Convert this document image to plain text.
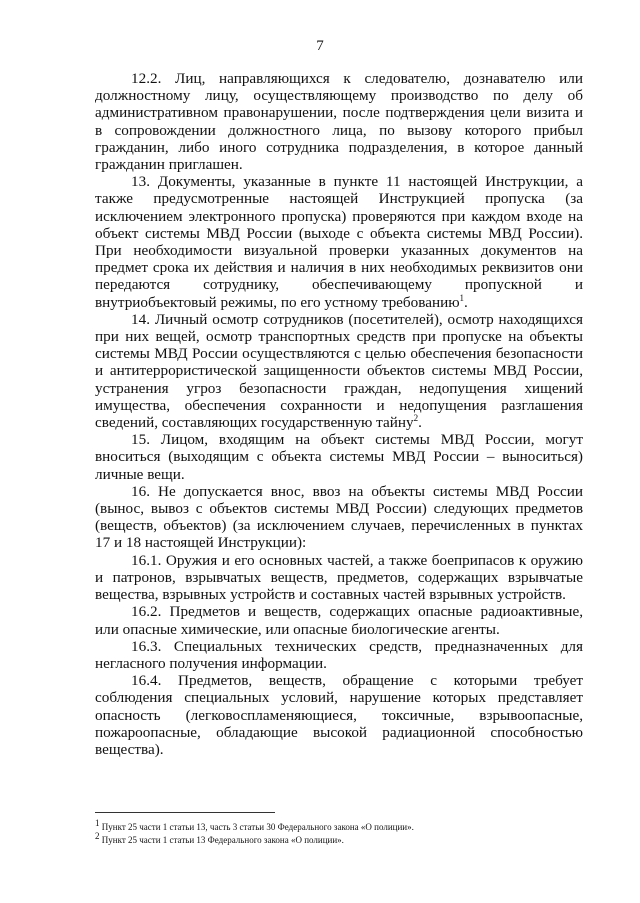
7

12.2. Лиц, направляющихся к следователю, дознавателю или должностному лицу, осуществляющему производство по делу об административном правонарушении, после подтверждения цели визита и в сопровождении должностного лица, по вызову которого прибыл гражданин, либо иного сотрудника подразделения, в которое данный гражданин приглашен.

13. Документы, указанные в пункте 11 настоящей Инструкции, а также предусмотренные настоящей Инструкцией пропуска (за исключением электронного пропуска) проверяются при каждом входе на объект системы МВД России (выходе с объекта системы МВД России). При необходимости визуальной проверки указанных документов на предмет срока их действия и наличия в них необходимых реквизитов они передаются сотруднику, обеспечивающему пропускной и внутриобъектовый режимы, по его устному требованию$^1$.

14. Личный осмотр сотрудников (посетителей), осмотр находящихся при них вещей, осмотр транспортных средств при пропуске на объекты системы МВД России осуществляются с целью обеспечения безопасности и антитеррористической защищенности объектов системы МВД России, устранения угроз безопасности граждан, недопущения хищений имущества, обеспечения сохранности и недопущения разглашения сведений, составляющих государственную тайну$^2$.

15. Лицом, входящим на объект системы МВД России, могут вноситься (выходящим с объекта системы МВД России – выноситься) личные вещи.

16. Не допускается внос, ввоз на объекты системы МВД России (вынос, вывоз с объектов системы МВД России) следующих предметов (веществ, объектов) (за исключением случаев, перечисленных в пунктах 17 и 18 настоящей Инструкции):

16.1. Оружия и его основных частей, а также боеприпасов к оружию и патронов, взрывчатых веществ, предметов, содержащих взрывчатые вещества, взрывных устройств и составных частей взрывных устройств.

16.2. Предметов и веществ, содержащих опасные радиоактивные, или опасные химические, или опасные биологические агенты.

16.3. Специальных технических средств, предназначенных для негласного получения информации.

16.4. Предметов, веществ, обращение с которыми требует соблюдения специальных условий, нарушение которых представляет опасность (легковоспламеняющиеся, токсичные, взрывоопасные, пожароопасные, обладающие высокой радиационной способностью вещества).

$^1$ Пункт 25 части 1 статьи 13, часть 3 статьи 30 Федерального закона «О полиции».

$^2$ Пункт 25 части 1 статьи 13 Федерального закона «О полиции».
